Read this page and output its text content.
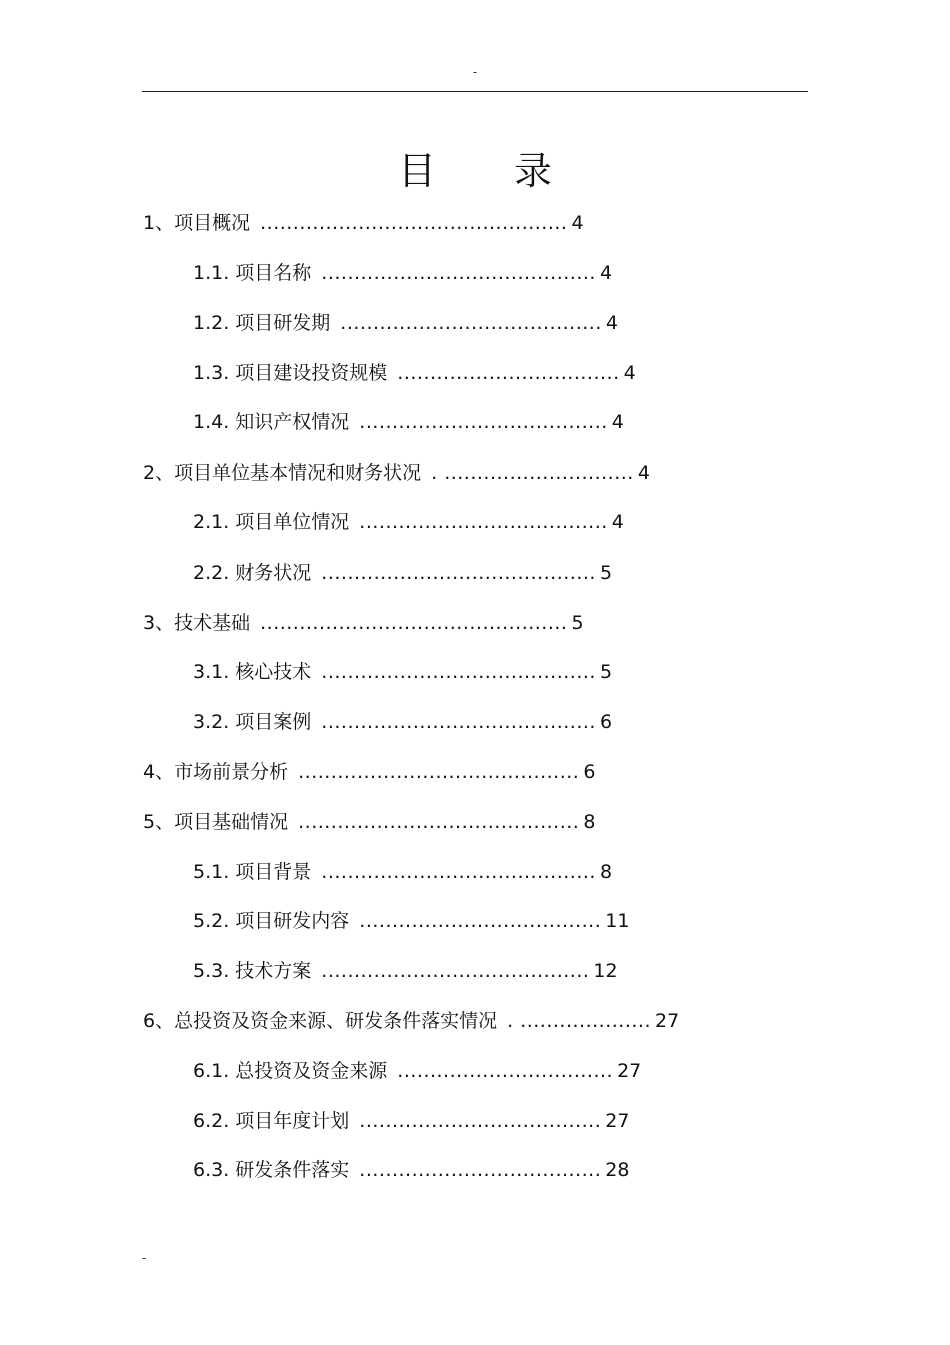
-
目录
1、项目概况 ............................................... 4
1.1. 项目名称 .......................................... 4
1.2. 项目研发期 ........................................ 4
1.3. 项目建设投资规模 .................................. 4
1.4. 知识产权情况 ...................................... 4
2、项目单位基本情况和财务状况 . ............................. 4
2.1. 项目单位情况 ...................................... 4
2.2. 财务状况 .......................................... 5
3、技术基础 ............................................... 5
3.1. 核心技术 .......................................... 5
3.2. 项目案例 .......................................... 6
4、市场前景分析 ........................................... 6
5、项目基础情况 ........................................... 8
5.1. 项目背景 .......................................... 8
5.2. 项目研发内容 ..................................... 11
5.3. 技术方案 ......................................... 12
6、总投资及资金来源、研发条件落实情况 . .................... 27
6.1. 总投资及资金来源 ................................. 27
6.2. 项目年度计划 ..................................... 27
6.3. 研发条件落实 ..................................... 28
-
